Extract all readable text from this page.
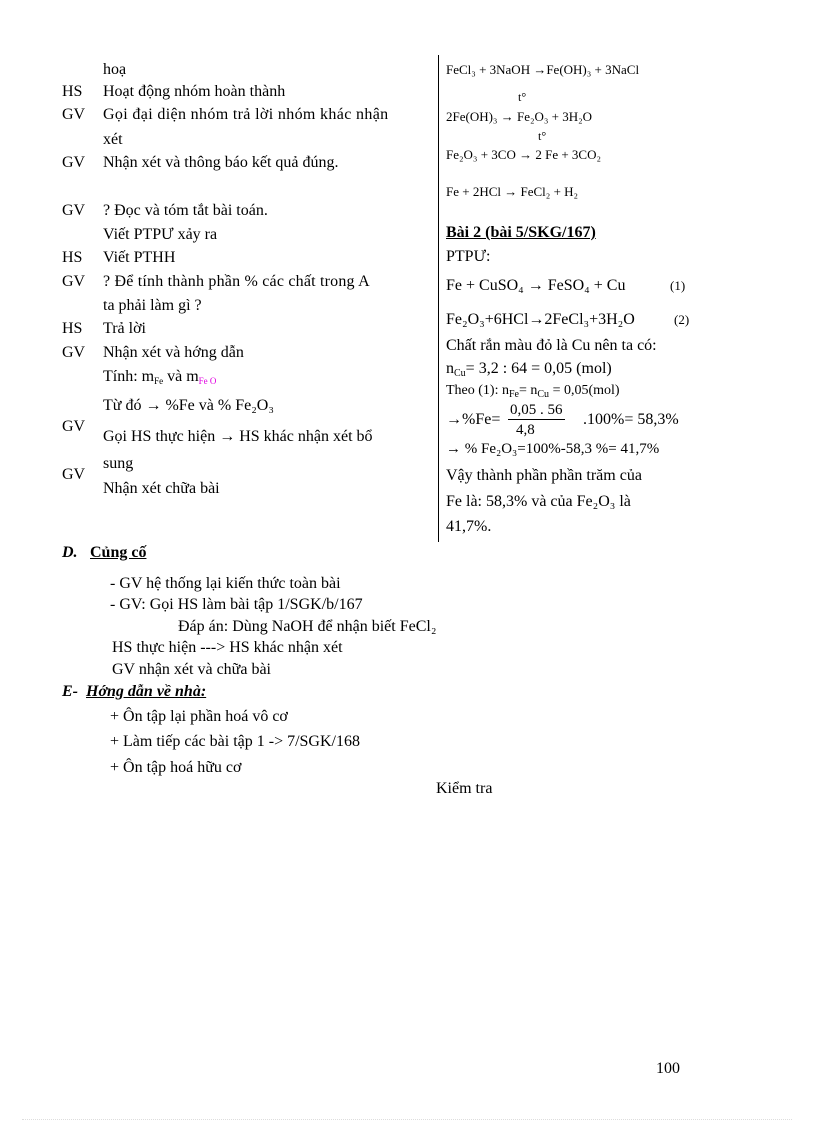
hoạ
HS Hoạt động nhóm hoàn thành
GV Gọi đại diện nhóm trả lời nhóm khác nhận
xét
GV Nhận xét và thông báo kết quả đúng.
GV ? Đọc và tóm tắt bài toán.
Viết PTPƯ xảy ra
HS Viết PTHH
GV ? Để tính thành phần % các chất trong A
ta phải làm gì ?
HS Trả lời
GV Nhận xét và hớng dẫn
Tính: $m_{Fe}$ và mFe O
Từ đó → %Fe và % Fe₂O₃
GV
Gọi HS thực hiện → HS khác nhận xét bổ
sung
GV
Nhận xét chữa bài
FeCl₃ + 3NaOH →Fe(OH)₃ + 3NaCl
t°
2Fe(OH)₃ → Fe₂O₃ + 3H₂O
t°
Fe₂O₃ + 3CO → 2 Fe + 3CO₂
Fe + 2HCl → FeCl₂ + H₂
Bài 2 (bài 5/SKG/167)
PTPƯ:
Fe + CuSO₄ → FeSO₄ + Cu	(1)
Fe₂O₃+6HCl→2FeCl₃+3H₂O	(2)
Chất rắn màu đỏ là Cu nên ta có:
$n_{Cu}= 3,2$ : 64 = 0,05 (mol)
Theo (1): $n_{Fe}= n_{Cu} = 0,05(mol)$
$\to\%Fe= \frac{0,05 . 56}{4,8} .100\%= 58,3\%$
→ % Fe₂O₃=100%-58,3 %= 41,7%
Vậy thành phần phần trăm của
Fe là: 58,3% và của Fe₂O₃ là
41,7%.
D. Củng cố
- GV hệ thống lại kiến thức toàn bài
- GV: Gọi HS làm bài tập 1/SGK/b/167
Đáp án: Dùng NaOH để nhận biết FeCl₂
HS thực hiện ---> HS khác nhận xét
GV nhận xét và chữa bài
E- Hớng dẫn về nhà:
+ Ôn tập lại phần hoá vô cơ
+ Làm tiếp các bài tập 1 -> 7/SGK/168
+ Ôn tập hoá hữu cơ
Kiểm tra
100
